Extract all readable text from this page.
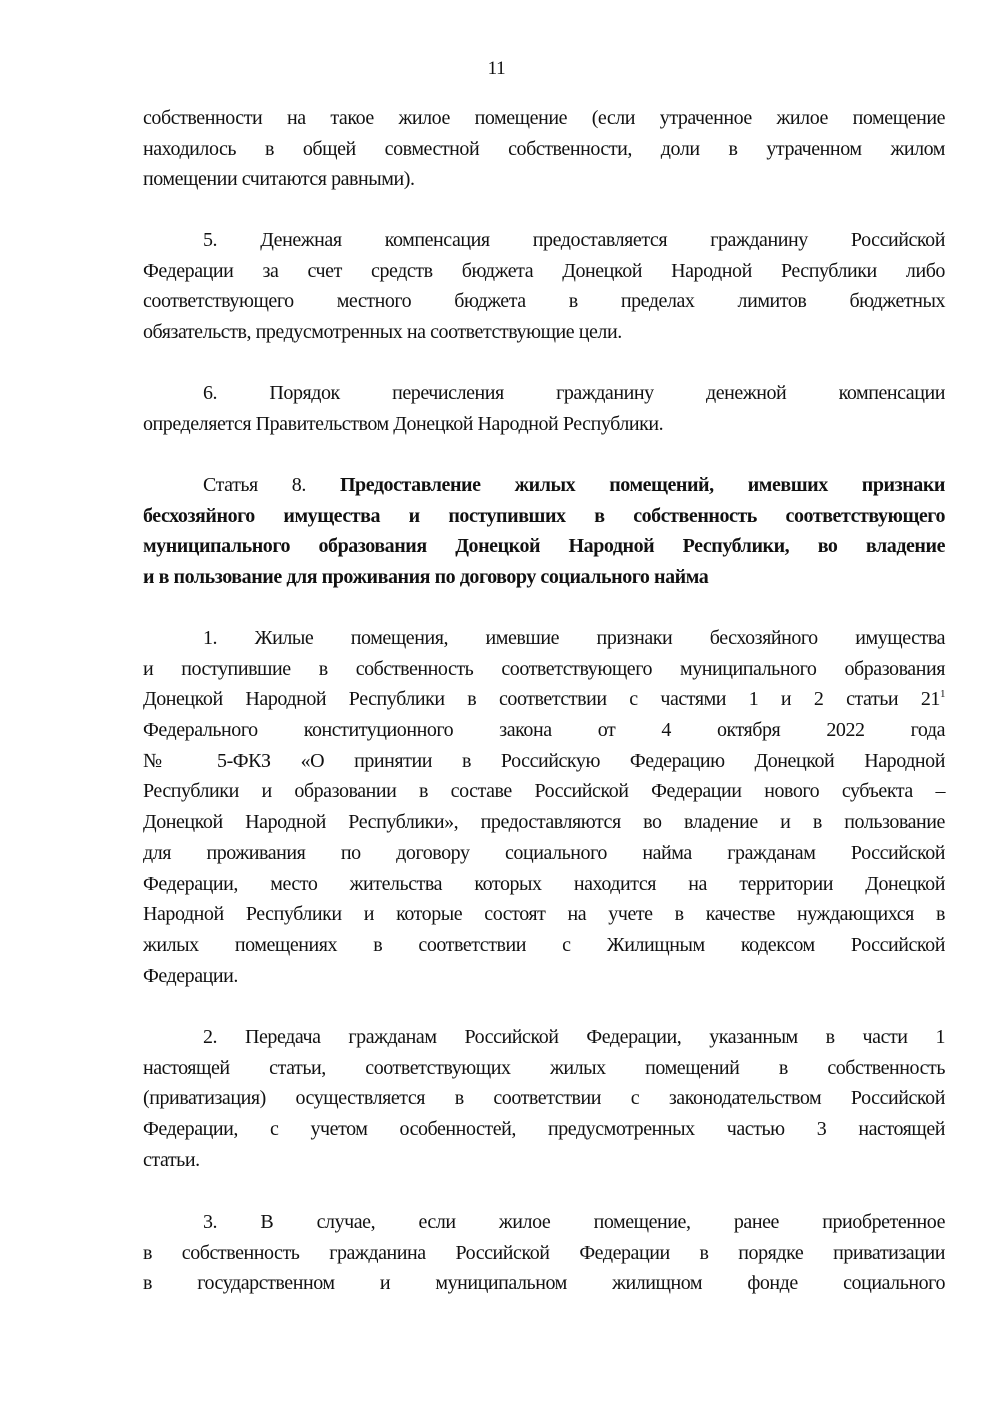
11
собственности на такое жилое помещение (если утраченное жилое помещение
находилось в общей совместной собственности, доли в утраченном жилом
помещении считаются равными).
5. Денежная компенсация предоставляется гражданину Российской
Федерации за счет средств бюджета Донецкой Народной Республики либо
соответствующего местного бюджета в пределах лимитов бюджетных
обязательств, предусмотренных на соответствующие цели.
6. Порядок перечисления гражданину денежной компенсации
определяется Правительством Донецкой Народной Республики.
Статья 8. Предоставление жилых помещений, имевших признаки
бесхозяйного имущества и поступивших в собственность соответствующего
муниципального образования Донецкой Народной Республики, во владение
и в пользование для проживания по договору социального найма
1. Жилые помещения, имевшие признаки бесхозяйного имущества
и поступившие в собственность соответствующего муниципального образования
Донецкой Народной Республики в соответствии с частями 1 и 2 статьи $21^1$
Федерального конституционного закона от 4 октября 2022 года
№ 5-ФКЗ «О принятии в Российскую Федерацию Донецкой Народной
Республики и образовании в составе Российской Федерации нового субъекта –
Донецкой Народной Республики», предоставляются во владение и в пользование
для проживания по договору социального найма гражданам Российской
Федерации, место жительства которых находится на территории Донецкой
Народной Республики и которые состоят на учете в качестве нуждающихся в
жилых помещениях в соответствии с Жилищным кодексом Российской
Федерации.
2. Передача гражданам Российской Федерации, указанным в части 1
настоящей статьи, соответствующих жилых помещений в собственность
(приватизация) осуществляется в соответствии с законодательством Российской
Федерации, с учетом особенностей, предусмотренных частью 3 настоящей
статьи.
3. В случае, если жилое помещение, ранее приобретенное
в собственность гражданина Российской Федерации в порядке приватизации
в государственном и муниципальном жилищном фонде социального
